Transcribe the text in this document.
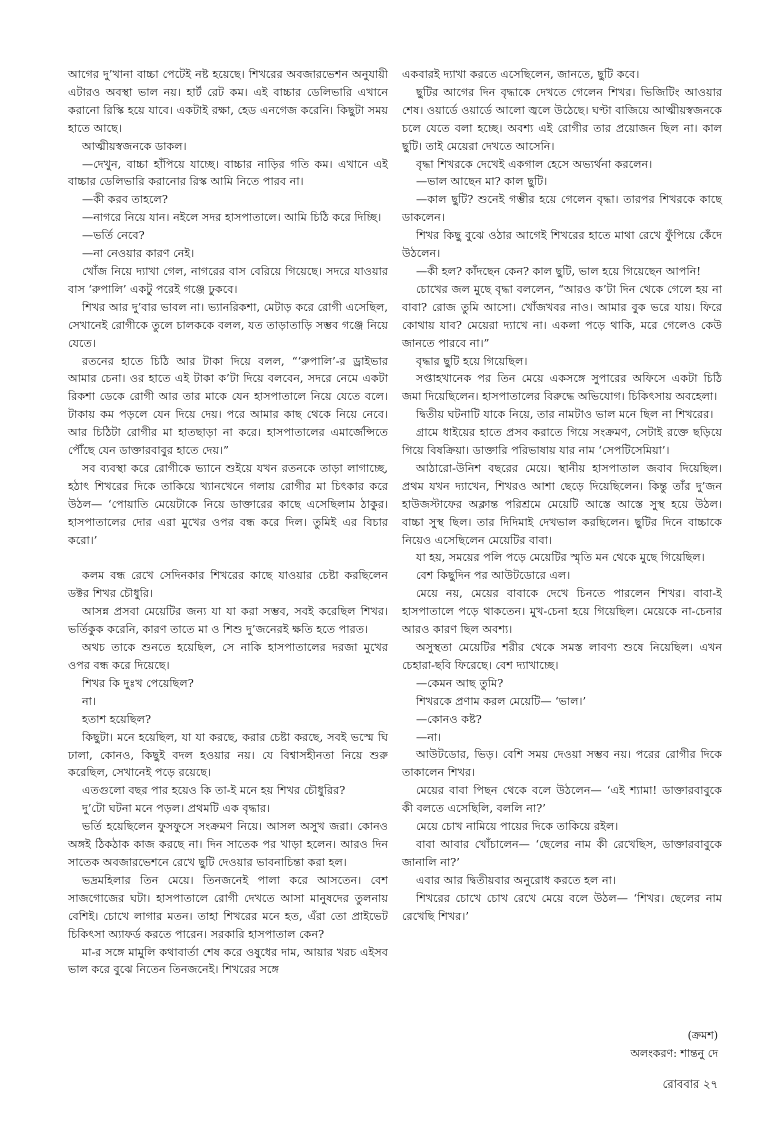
আগের দু’খানা বাচ্চা পেটেই নষ্ট হয়েছে। শিখরের অবজারভেশন অনুযায়ী এটারও অবস্থা ভাল নয়। হার্ট রেট কম। এই বাচ্চার ডেলিভারি এখানে করানো রিস্কি হয়ে যাবে। একটাই রক্ষা, হেড এনগেজ করেনি। কিছুটা সময় হাতে আছে।

আত্মীয়স্বজনকে ডাকল।

—দেখুন, বাচ্চা হাঁপিয়ে যাচ্ছে। বাচ্চার নাড়ির গতি কম। এখানে এই বাচ্চার ডেলিভারি করানোর রিস্ক আমি নিতে পারব না।

—কী করব তাহলে?

—নাগরে নিয়ে যান। নইলে সদর হাসপাতালে। আমি চিঠি করে দিচ্ছি।

—ভর্তি নেবে?

—না নেওয়ার কারণ নেই।

খোঁজ নিয়ে দ্যাখা গেল, নাগরের বাস বেরিয়ে গিয়েছে। সদরে যাওয়ার বাস ‘রুপালি’ একটু পরেই গঞ্জে ঢুকবে।

শিখর আর দু’বার ভাবল না। ভ্যানরিকশা, মেটাড় করে রোগী এসেছিল, সেখানেই রোগীকে তুলে চালককে বলল, যত তাড়াতাড়ি সম্ভব গঞ্জে নিয়ে যেতে।

রতনের হাতে চিঠি আর টাকা দিয়ে বলল, “‘রুপালি’-র ড্রাইভার আমার চেনা। ওর হাতে এই টাকা ক’টা দিয়ে বলবেন, সদরে নেমে একটা রিকশা ডেকে রোগী আর তার মাকে যেন হাসপাতালে নিয়ে যেতে বলে। টাকায় কম পড়লে যেন দিয়ে দেয়। পরে আমার কাছ থেকে নিয়ে নেবে। আর চিঠিটা রোগীর মা হাতছাড়া না করে। হাসপাতালের এমার্জেন্সিতে পৌঁছে যেন ডাক্তারবাবুর হাতে দেয়।”

সব ব্যবস্থা করে রোগীকে ভ্যানে শুইয়ে যখন রতনকে তাড়া লাগাচ্ছে, হঠাৎ শিখরের দিকে তাকিয়ে খ্যানখেনে গলায় রোগীর মা চিৎকার করে উঠল— ‘পোয়াতি মেয়েটাকে নিয়ে ডাক্তারের কাছে এসেছিলাম ঠাকুর। হাসপাতালের দোর এরা মুখের ওপর বন্ধ করে দিল। তুমিই এর বিচার করো।’

কলম বন্ধ রেখে সেদিনকার শিখরের কাছে যাওয়ার চেষ্টা করছিলেন ডক্টর শিখর চৌধুরি।

আসন্ন প্রসবা মেয়েটির জন্য যা যা করা সম্ভব, সবই করেছিল শিখর। ভর্তিকুক করেনি, কারণ তাতে মা ও শিশু দু’জনেরই ক্ষতি হতে পারত।

অথচ তাকে শুনতে হয়েছিল, সে নাকি হাসপাতালের দরজা মুখের ওপর বন্ধ করে দিয়েছে।

শিখর কি দুঃখ পেয়েছিল?

না।

হতাশ হয়েছিল?

কিছুটা। মনে হয়েছিল, যা যা করছে, করার চেষ্টা করছে, সবই ভস্মে ঘি ঢালা, কোনও, কিছুই বদল হওয়ার নয়। যে বিশ্বাসহীনতা নিয়ে শুরু করেছিল, সেখানেই পড়ে রয়েছে।

এতগুলো বছর পার হয়েও কি তা-ই মনে হয় শিখর চৌধুরির?

দু’টো ঘটনা মনে পড়ল। প্রথমটি এক বৃদ্ধার।

ভর্তি হয়েছিলেন ফুসফুসে সংক্রমণ নিয়ে। আসল অসুখ জরা। কোনও অঙ্গই ঠিকঠাক কাজ করছে না। দিন সাতেক পর খাড়া হলেন। আরও দিন সাতেক অবজারভেশনে রেখে ছুটি দেওয়ার ভাবনাচিন্তা করা হল।

ভদ্রমহিলার তিন মেয়ে। তিনজনেই পালা করে আসতেন। বেশ সাজগোজের ঘটা। হাসপাতালে রোগী দেখতে আসা মানুষদের তুলনায় বেশিই। চোখে লাগার মতন। তাহা শিখরের মনে হত, এঁরা তো প্রাইভেট চিকিৎসা অ্যাফর্ড করতে পারেন। সরকারি হাসপাতাল কেন?

মা-র সঙ্গে মামুলি কথাবার্তা শেষ করে ওষুধের দাম, আয়ার খরচ এইসব ভাল করে বুঝে নিতেন তিনজনেই। শিখরের সঙ্গে

একবারই দ্যাখা করতে এসেছিলেন, জানতে, ছুটি কবে।

ছুটির আগের দিন বৃদ্ধাকে দেখতে গেলেন শিখর। ভিজিটিং আওয়ার শেষ। ওয়ার্ডে ওয়ার্ডে আলো জ্বলে উঠেছে। ঘণ্টা বাজিয়ে আত্মীয়স্বজনকে চলে যেতে বলা হচ্ছে। অবশ্য এই রোগীর তার প্রয়োজন ছিল না। কাল ছুটি। তাই মেয়েরা দেখতে আসেনি।

বৃদ্ধা শিখরকে দেখেই একগাল হেসে অভ্যর্থনা করলেন।

—ভাল আছেন মা? কাল ছুটি।

—কাল ছুটি? শুনেই গম্ভীর হয়ে গেলেন বৃদ্ধা। তারপর শিখরকে কাছে ডাকলেন।

শিখর কিছু বুঝে ওঠার আগেই শিখরের হাতে মাথা রেখে ফুঁপিয়ে কেঁদে উঠলেন।

—কী হল? কাঁদছেন কেন? কাল ছুটি, ভাল হয়ে গিয়েছেন আপনি!

চোখের জল মুছে বৃদ্ধা বললেন, “আরও ক’টা দিন থেকে গেলে হয় না বাবা? রোজ তুমি আসো। খোঁজখবর নাও। আমার বুক ভরে যায়। ফিরে কোথায় যাব? মেয়েরা দ্যাখে না। একলা পড়ে থাকি, মরে গেলেও কেউ জানতে পারবে না।”

বৃদ্ধার ছুটি হয়ে গিয়েছিল।

সপ্তাহখানেক পর তিন মেয়ে একসঙ্গে সুপারের অফিসে একটা চিঠি জমা দিয়েছিলেন। হাসপাতালের বিরুদ্ধে অভিযোগ। চিকিৎসায় অবহেলা।

দ্বিতীয় ঘটনাটি যাকে নিয়ে, তার নামটাও ভাল মনে ছিল না শিখরের।

গ্রামে ধাইয়ের হাতে প্রসব করাতে গিয়ে সংক্রমণ, সেটাই রক্তে ছড়িয়ে গিয়ে বিষক্রিয়া। ডাক্তারি পরিভাষায় যার নাম ‘সেপটিসেমিয়া’।

আঠারো-উনিশ বছরের মেয়ে। স্থানীয় হাসপাতাল জবাব দিয়েছিল। প্রথম যখন দ্যাখেন, শিখরও আশা ছেড়ে দিয়েছিলেন। কিন্তু তাঁর দু’জন হাউজস্টাফের অক্লান্ত পরিশ্রমে মেয়েটি আস্তে আস্তে সুস্থ হয়ে উঠল। বাচ্চা সুস্থ ছিল। তার দিদিমাই দেখভাল করছিলেন। ছুটির দিনে বাচ্চাকে নিয়েও এসেছিলেন মেয়েটির বাবা।

যা হয়, সময়ের পলি পড়ে মেয়েটির স্মৃতি মন থেকে মুছে গিয়েছিল।

বেশ কিছুদিন পর আউটডোরে এল।

মেয়ে নয়, মেয়ের বাবাকে দেখে চিনতে পারলেন শিখর। বাবা-ই হাসপাতালে পড়ে থাকতেন। মুখ-চেনা হয়ে গিয়েছিল। মেয়েকে না-চেনার আরও কারণ ছিল অবশ্য।

অসুস্থতা মেয়েটির শরীর থেকে সমস্ত লাবণ্য শুষে নিয়েছিল। এখন চেহারা-ছবি ফিরেছে। বেশ দ্যাখাচ্ছে।

—কেমন আছ তুমি?

শিখরকে প্রণাম করল মেয়েটি— ‘ভাল।’

—কোনও কষ্ট?

—না।

আউটডোর, ভিড়। বেশি সময় দেওয়া সম্ভব নয়। পরের রোগীর দিকে তাকালেন শিখর।

মেয়ের বাবা পিছন থেকে বলে উঠলেন— ‘এই শ্যামা! ডাক্তারবাবুকে কী বলতে এসেছিলি, বললি না?’

মেয়ে চোখ নামিয়ে পায়ের দিকে তাকিয়ে রইল।

বাবা আবার খোঁচালেন— ‘ছেলের নাম কী রেখেছিস, ডাক্তারবাবুকে জানালি না?’

এবার আর দ্বিতীয়বার অনুরোধ করতে হল না।

শিখরের চোখে চোখ রেখে মেয়ে বলে উঠল— ‘শিখর। ছেলের নাম রেখেছি শিখর।’

(ক্রমশ)
অলংকরণ: শান্তনু দে
রোববার ২৭
